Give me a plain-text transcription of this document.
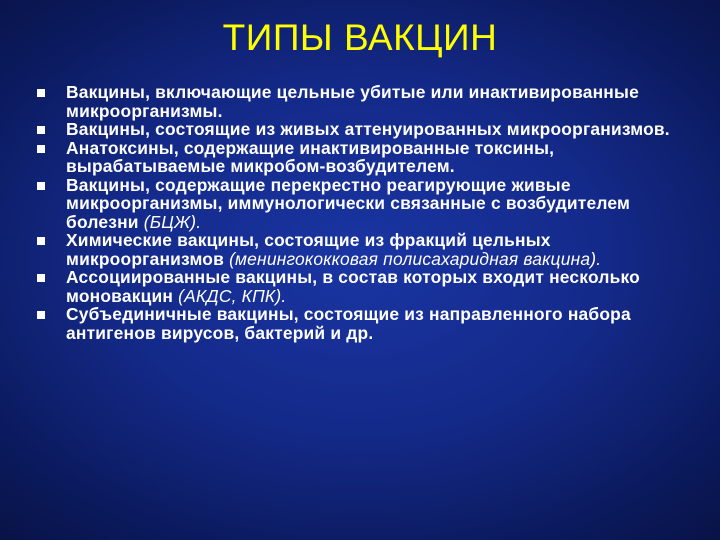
ТИПЫ ВАКЦИН
Вакцины, включающие цельные убитые или инактивированные микроорганизмы.
Вакцины, состоящие из живых аттенуированных микроорганизмов.
Анатоксины, содержащие инактивированные токсины, вырабатываемые микробом-возбудителем.
Вакцины, содержащие перекрестно реагирующие живые микроорганизмы, иммунологически связанные с возбудителем болезни (БЦЖ).
Химические вакцины, состоящие из фракций цельных микроорганизмов (менингококковая полисахаридная вакцина).
Ассоциированные вакцины, в состав которых входит несколько моновакцин (АКДС, КПК).
Субъединичные вакцины, состоящие из направленного набора антигенов вирусов, бактерий и др.
